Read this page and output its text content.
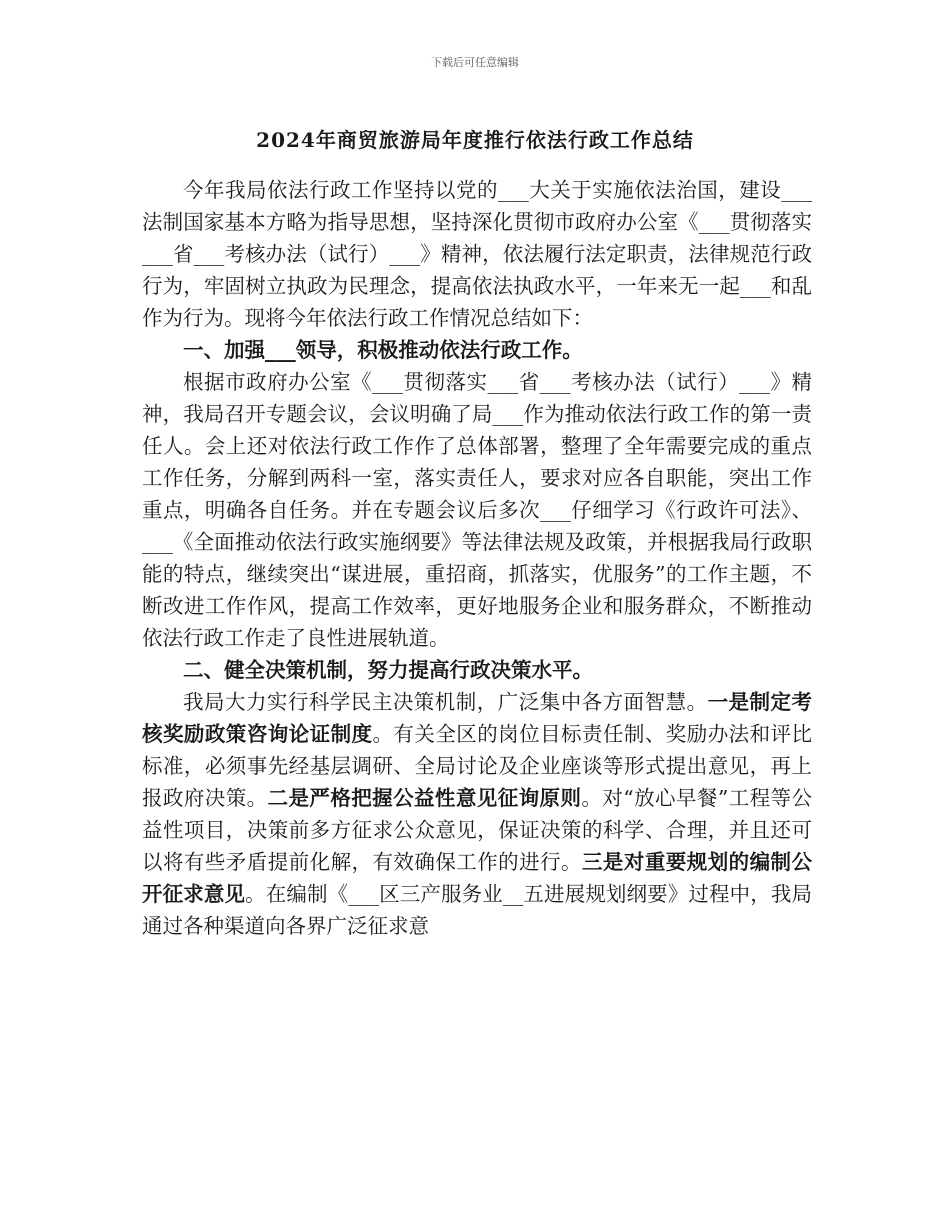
下载后可任意编辑
2024年商贸旅游局年度推行依法行政工作总结

今年我局依法行政工作坚持以党的___大关于实施依法治国，建设___法制国家基本方略为指导思想，坚持深化贯彻市政府办公室《___贯彻落实___省___考核办法（试行）___》精神，依法履行法定职责，法律规范行政行为，牢固树立执政为民理念，提高依法执政水平，一年来无一起___和乱作为行为。现将今年依法行政工作情况总结如下：

一、加强___领导，积极推动依法行政工作。

根据市政府办公室《___贯彻落实___省___考核办法（试行）___》精神，我局召开专题会议，会议明确了局___作为推动依法行政工作的第一责任人。会上还对依法行政工作作了总体部署，整理了全年需要完成的重点工作任务，分解到两科一室，落实责任人，要求对应各自职能，突出工作重点，明确各自任务。并在专题会议后多次___仔细学习《行政许可法》、___《全面推动依法行政实施纲要》等法律法规及政策，并根据我局行政职能的特点，继续突出“谋进展，重招商，抓落实，优服务”的工作主题，不断改进工作作风，提高工作效率，更好地服务企业和服务群众，不断推动依法行政工作走了良性进展轨道。

二、健全决策机制，努力提高行政决策水平。

我局大力实行科学民主决策机制，广泛集中各方面智慧。一是制定考核奖励政策咨询论证制度。有关全区的岗位目标责任制、奖励办法和评比标准，必须事先经基层调研、全局讨论及企业座谈等形式提出意见，再上报政府决策。二是严格把握公益性意见征询原则。对“放心早餐”工程等公益性项目，决策前多方征求公众意见，保证决策的科学、合理，并且还可以将有些矛盾提前化解，有效确保工作的进行。三是对重要规划的编制公开征求意见。在编制《___区三产服务业__五进展规划纲要》过程中，我局通过各种渠道向各界广泛征求意
